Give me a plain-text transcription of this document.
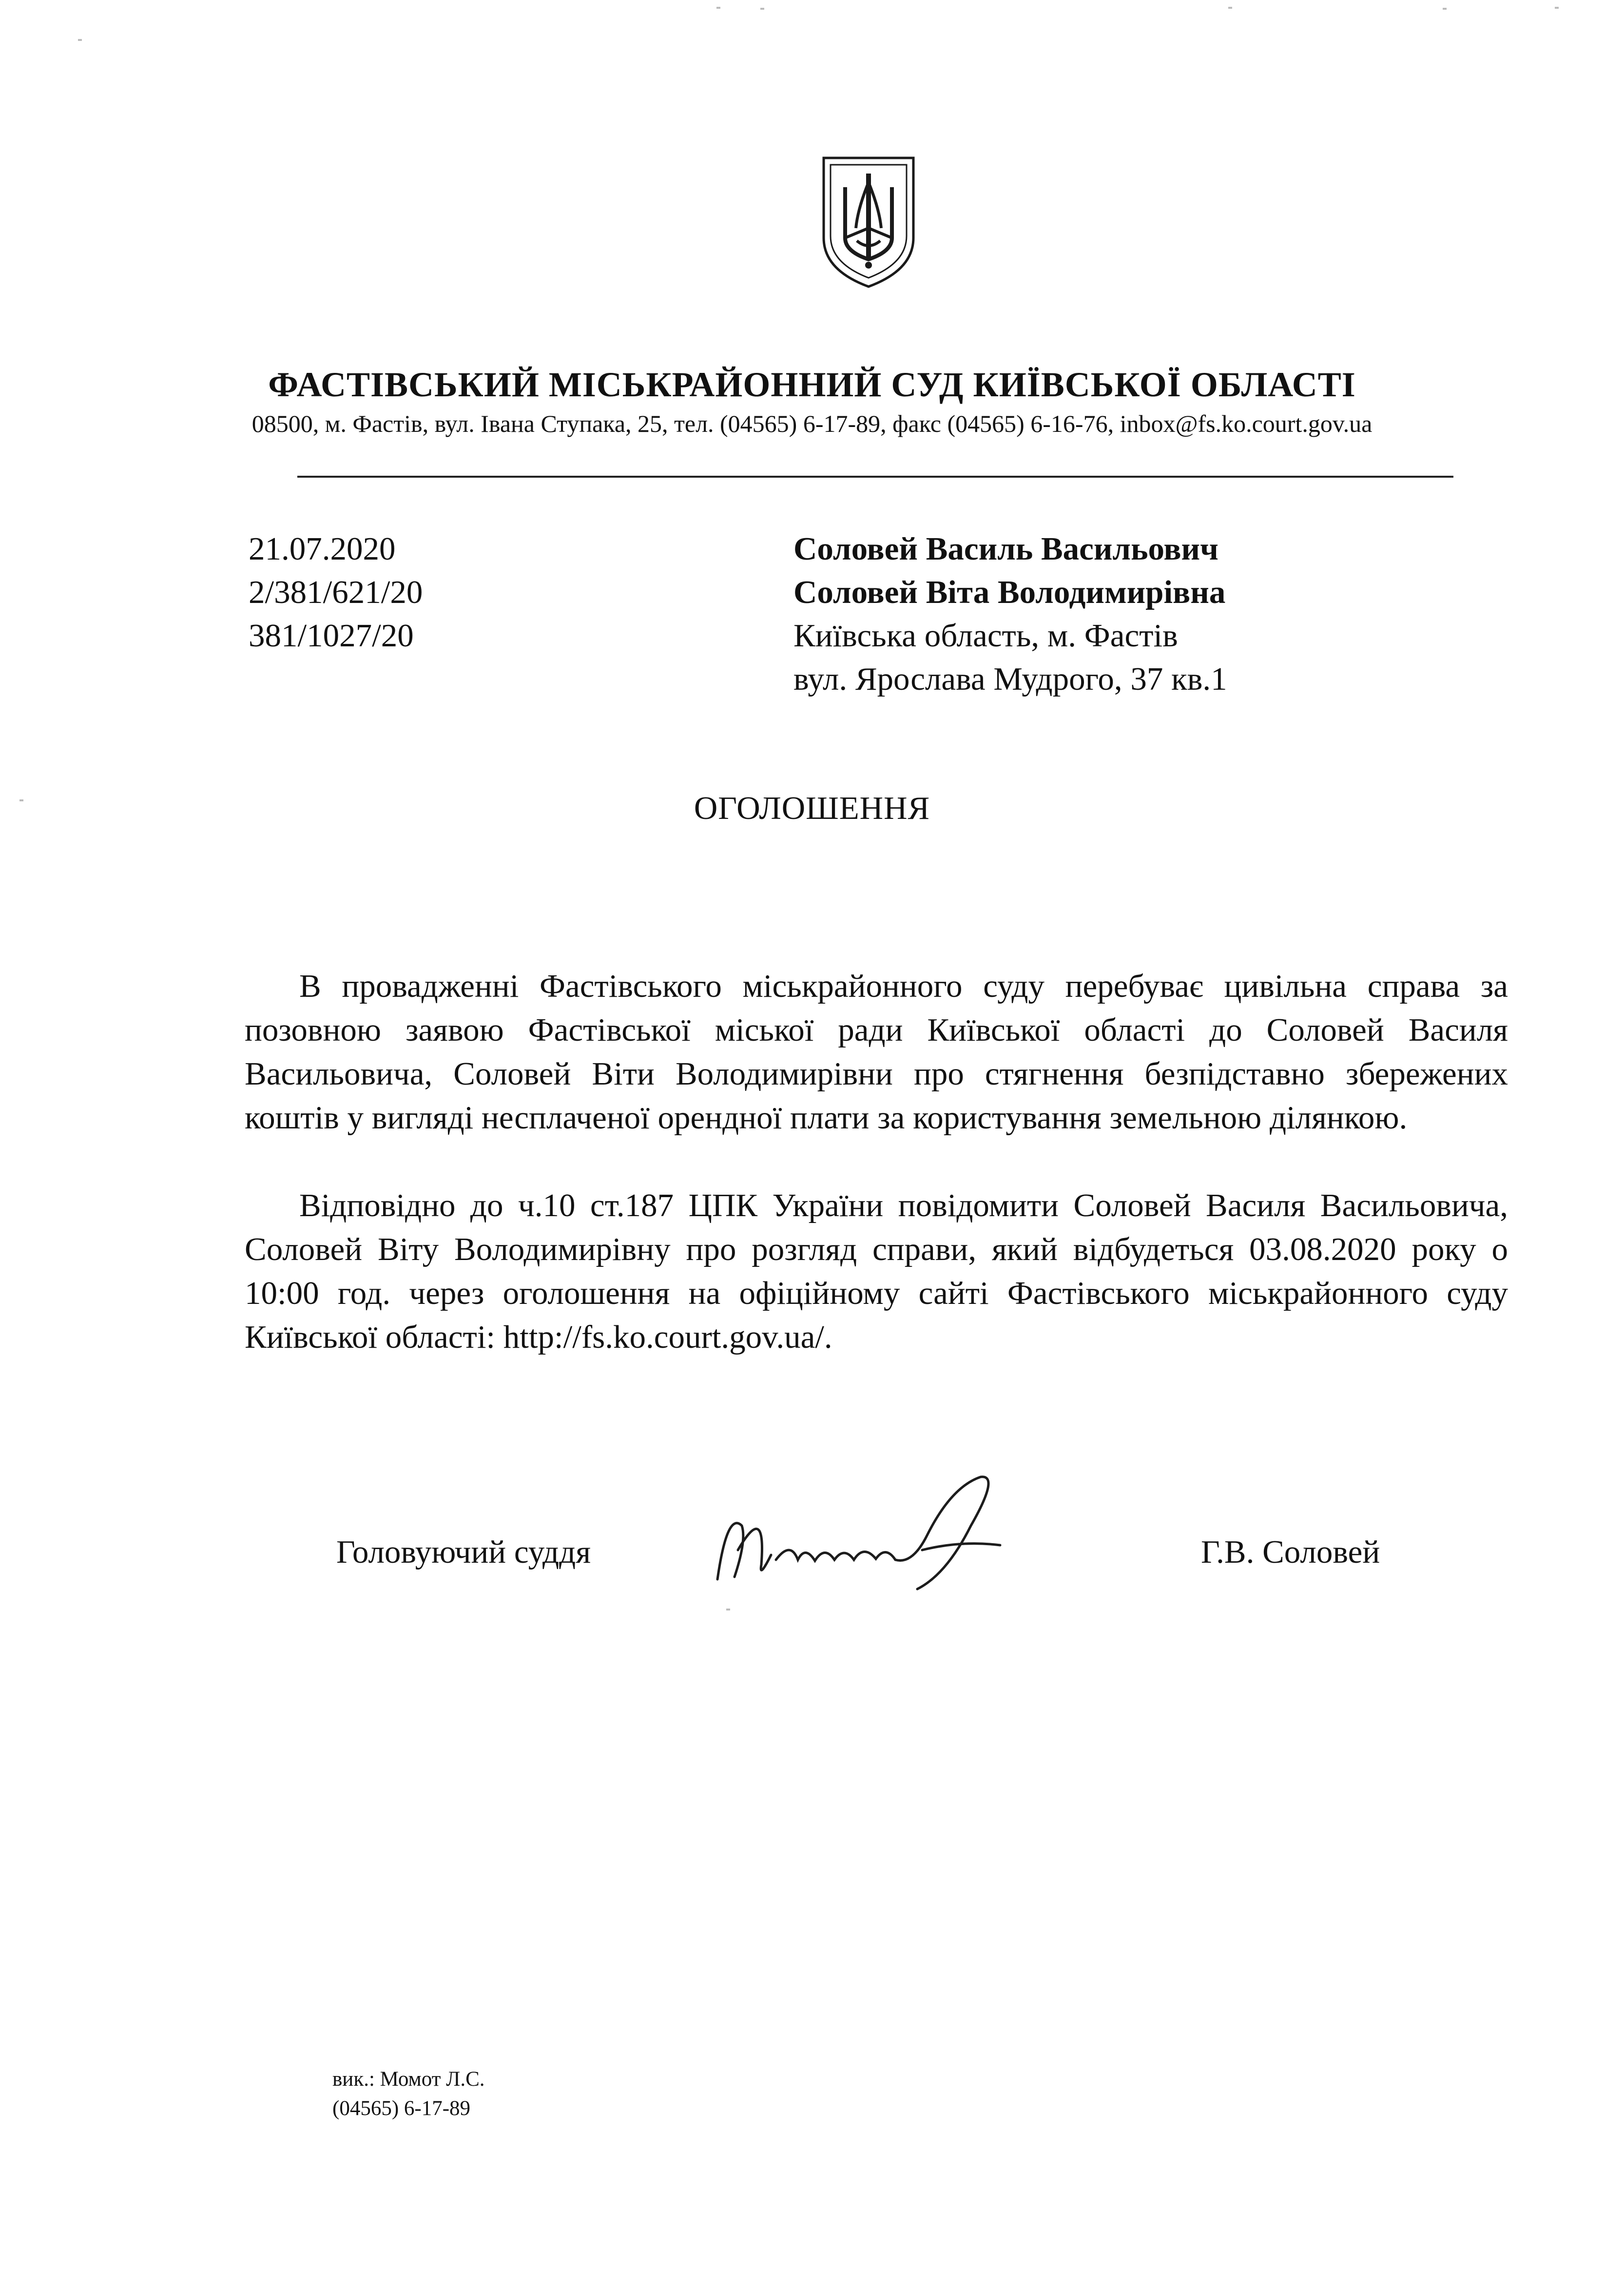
ФАСТІВСЬКИЙ МІСЬКРАЙОННИЙ СУД КИЇВСЬКОЇ ОБЛАСТІ
08500, м. Фастів, вул. Івана Ступака, 25, тел. (04565) 6-17-89, факс (04565) 6-16-76, inbox@fs.ko.court.gov.ua
21.07.2020
2/381/621/20
381/1027/20
Соловей Василь Васильович
Соловей Віта Володимирівна
Київська область, м. Фастів
вул. Ярослава Мудрого, 37 кв.1
ОГОЛОШЕННЯ

В провадженні Фастівського міськрайонного суду перебуває цивільна справа за позовною заявою Фастівської міської ради Київської області до Соловей Василя Васильовича, Соловей Віти Володимирівни про стягнення безпідставно збережених коштів у вигляді несплаченої орендної плати за користування земельною ділянкою.

Відповідно до ч.10 ст.187 ЦПК України повідомити Соловей Василя Васильовича, Соловей Віту Володимирівну про розгляд справи, який відбудеться 03.08.2020 року о 10:00 год. через оголошення на офіційному сайті Фастівського міськрайонного суду Київської області: http://fs.ko.court.gov.ua/.

Головуючий суддя	Г.В. Соловей
вик.: Момот Л.С.
(04565) 6-17-89
